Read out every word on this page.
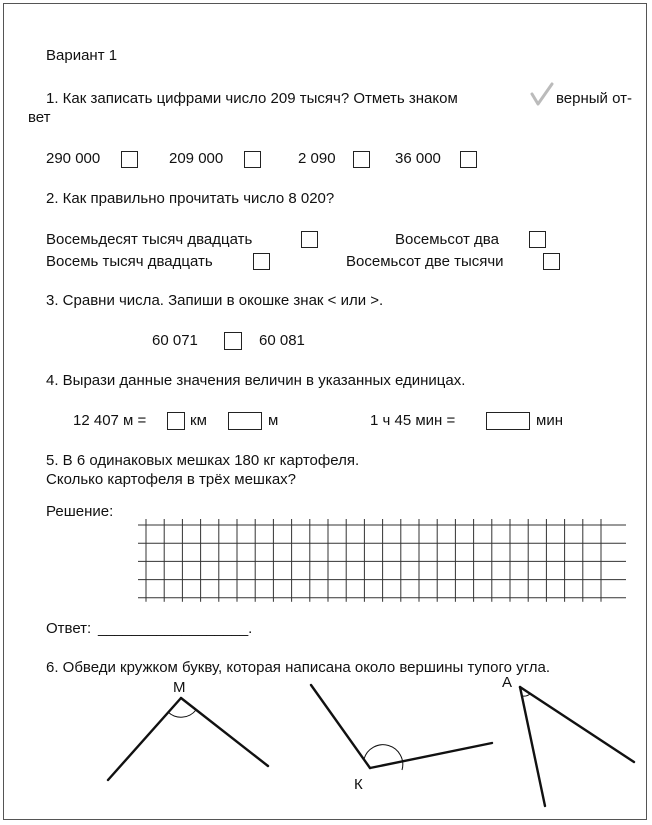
Вариант 1
1. Как записать цифрами число 209 тысяч? Отметь знаком	верный от-
вет
290 000	209 000	2 090	36 000
2. Как правильно прочитать число 8 020?
Восемьдесят тысяч двадцать	Восемьсот два
Восемь тысяч двадцать	Восемьсот две тысячи
3. Сравни числа. Запиши в окошке знак < или >.
60 071	60 081
4. Вырази данные значения величин в указанных единицах.
12 407 м =	км	м	1 ч 45 мин =	мин
5. В 6 одинаковых мешках 180 кг картофеля.
Сколько картофеля в трёх мешках?
Решение:
Ответ: __________________.
6. Обведи кружком букву, которая написана около вершины тупого угла.
М
К
А
